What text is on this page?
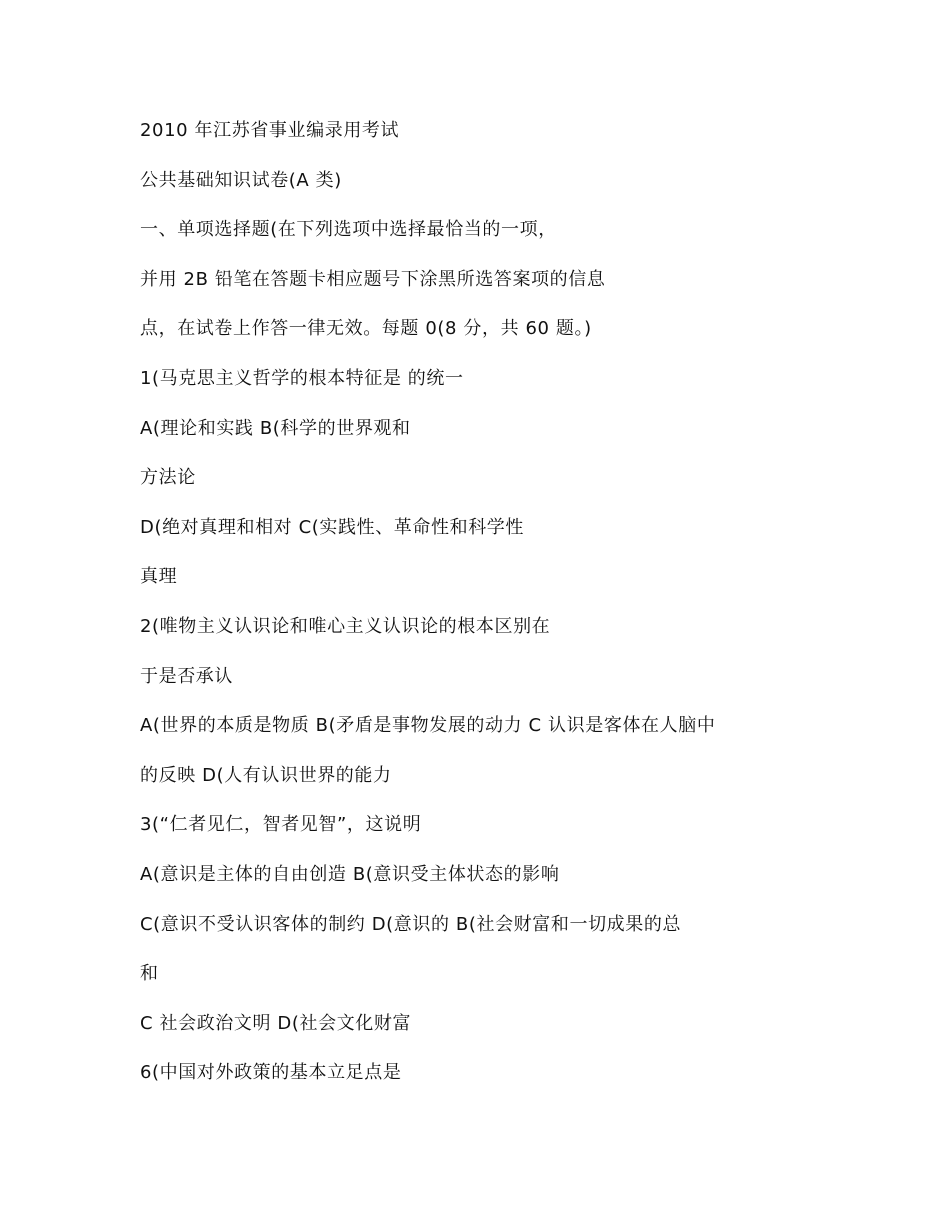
2010 年江苏省事业编录用考试
公共基础知识试卷(A 类)
一、单项选择题(在下列选项中选择最恰当的一项，
并用 2B 铅笔在答题卡相应题号下涂黑所选答案项的信息
点，在试卷上作答一律无效。每题 0(8 分，共 60 题。)
1(马克思主义哲学的根本特征是 的统一
A(理论和实践 B(科学的世界观和
方法论
D(绝对真理和相对 C(实践性、革命性和科学性
真理
2(唯物主义认识论和唯心主义认识论的根本区别在
于是否承认
A(世界的本质是物质 B(矛盾是事物发展的动力 C 认识是客体在人脑中
的反映 D(人有认识世界的能力
3(“仁者见仁，智者见智”，这说明
A(意识是主体的自由创造 B(意识受主体状态的影响
C(意识不受认识客体的制约 D(意识的 B(社会财富和一切成果的总
和
C 社会政治文明 D(社会文化财富
6(中国对外政策的基本立足点是
